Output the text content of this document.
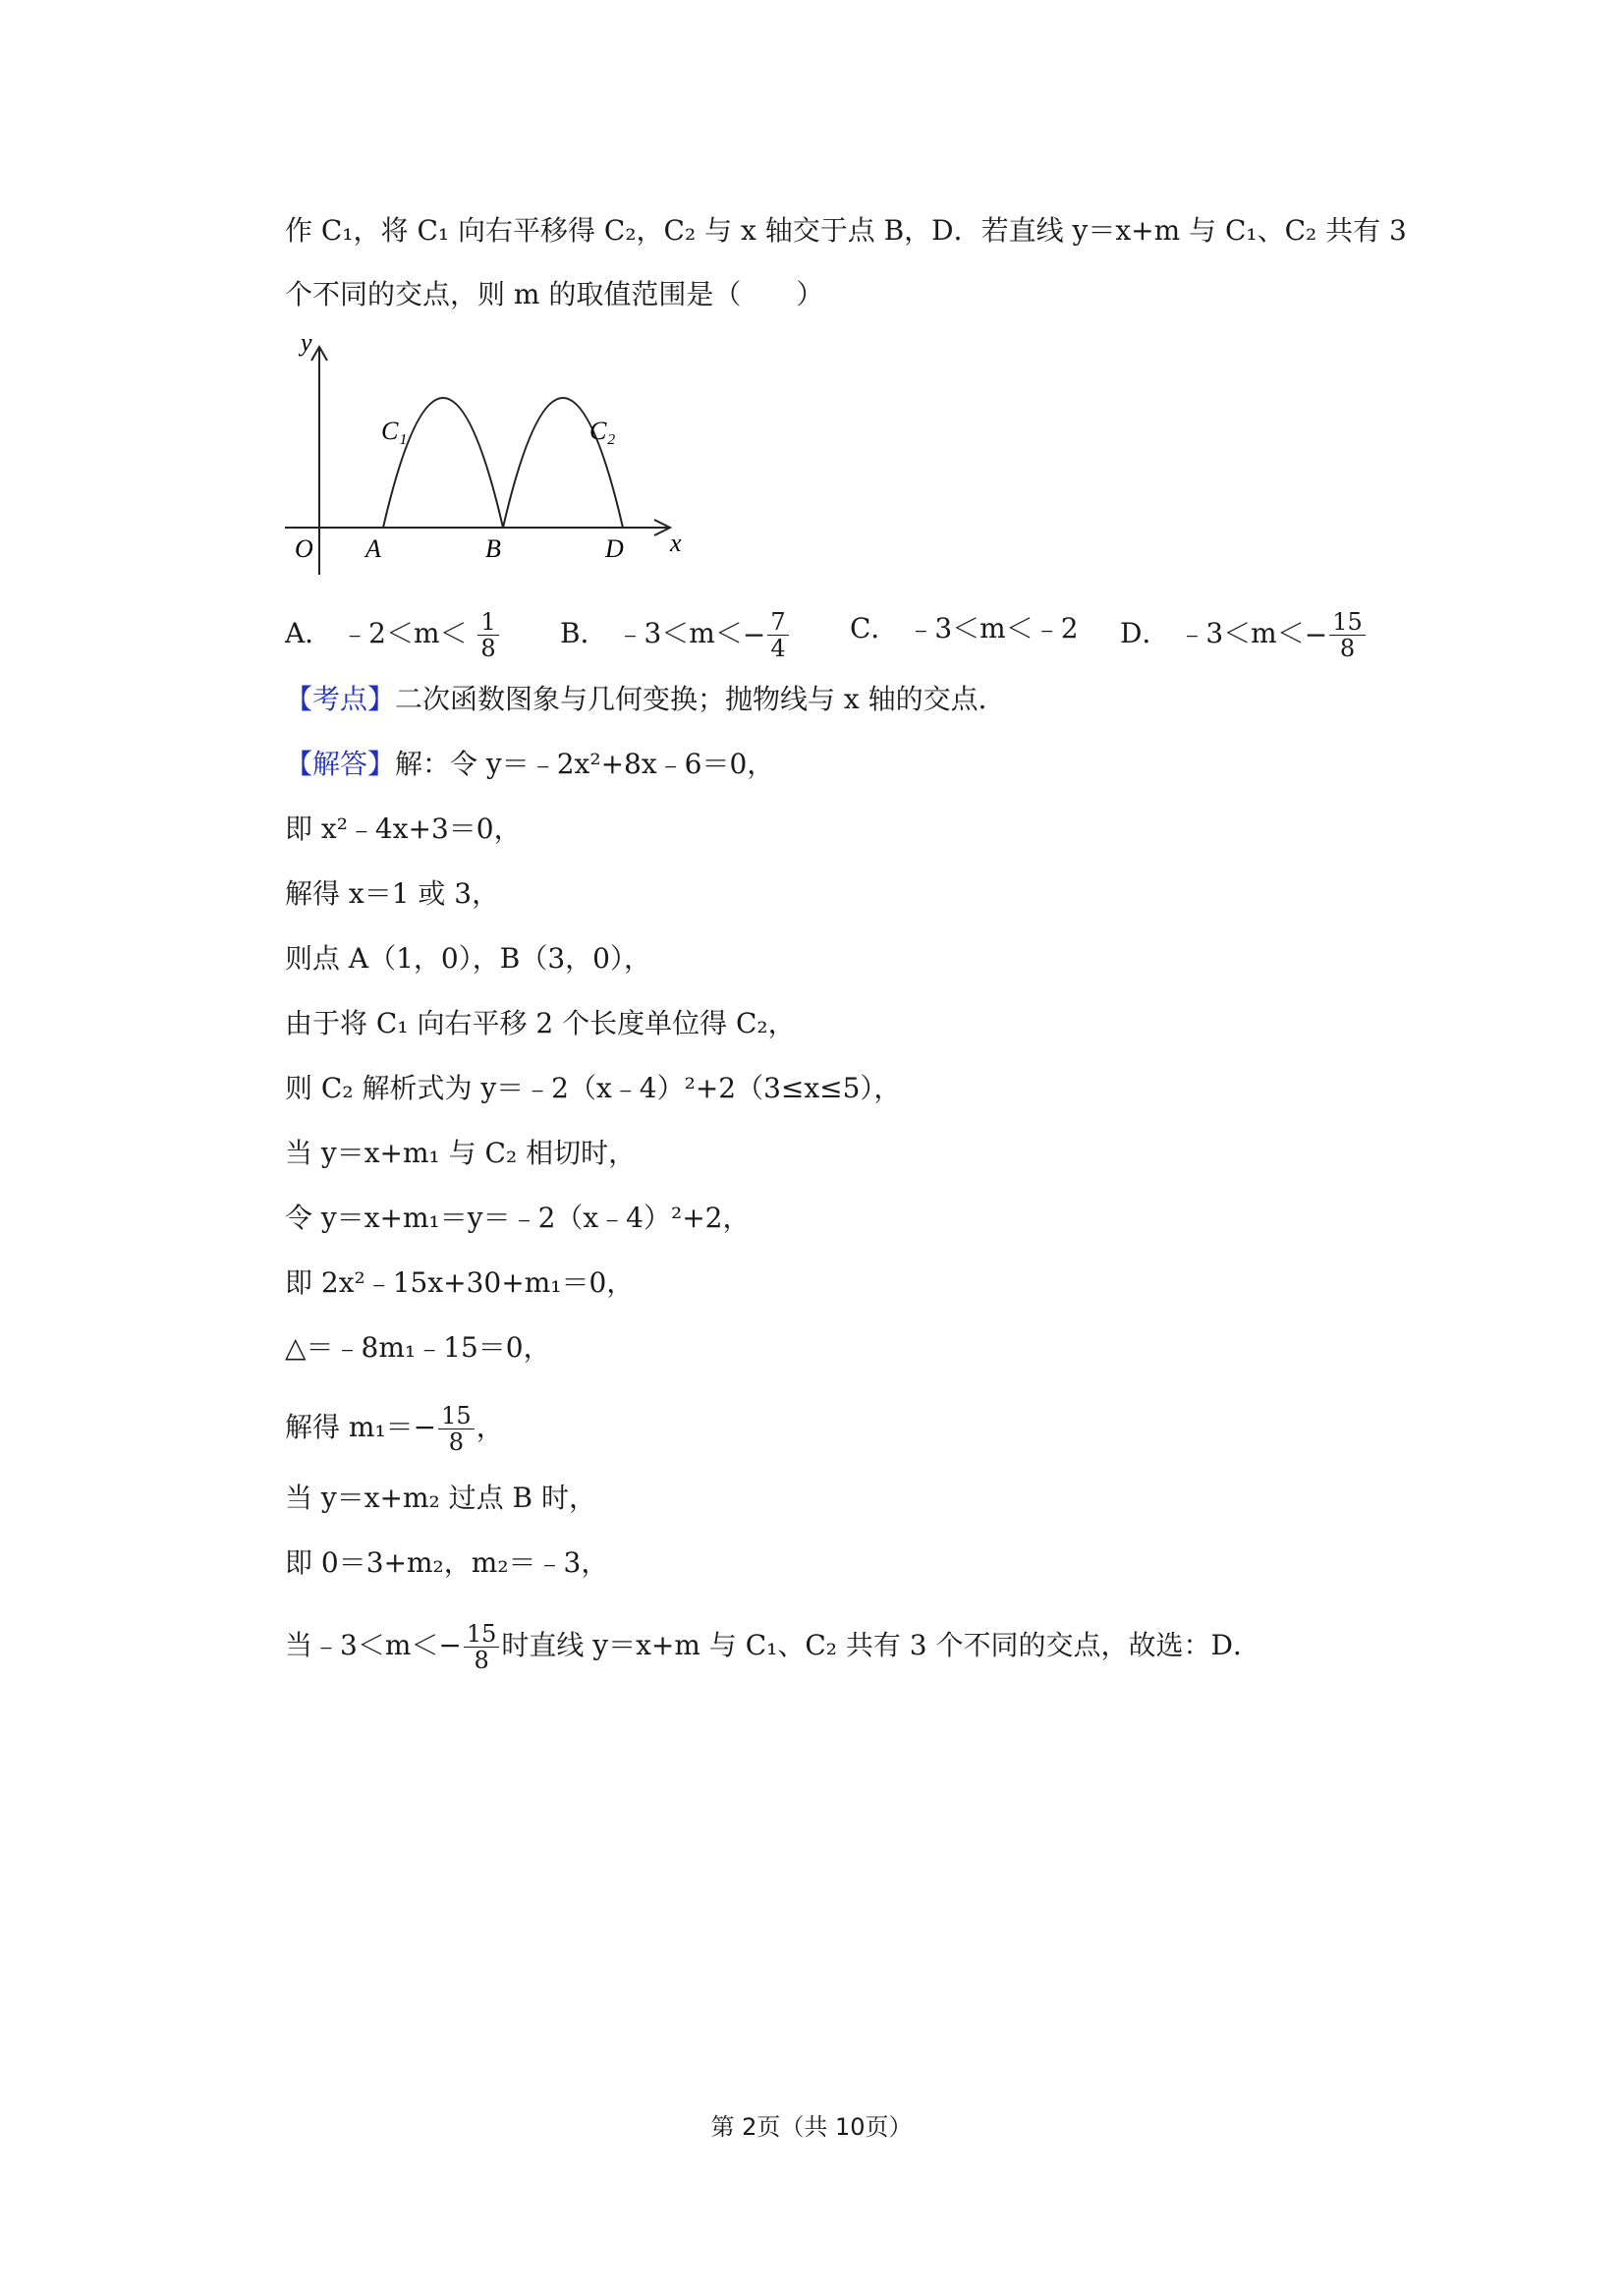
作 C₁，将 C₁ 向右平移得 C₂，C₂ 与 x 轴交于点 B，D．若直线 y＝x+m 与 C₁、C₂ 共有 3
个不同的交点，则 m 的取值范围是（　　）
y
x
O A	B	D
C₁	C₂
A． ﹣2＜m＜ $\frac{1}{8}$ B． ﹣3＜m＜− $\frac{7}{4}$ C． ﹣3＜m＜﹣2 D． ﹣3＜m＜− $\frac{15}{8}$
【考点】二次函数图象与几何变换；抛物线与 x 轴的交点．
【解答】解：令 y＝﹣2x²+8x﹣6＝0，
即 x²﹣4x+3＝0，
解得 x＝1 或 3，
则点 A（1，0），B（3，0），
由于将 C₁ 向右平移 2 个长度单位得 C₂，
则 C₂ 解析式为 y＝﹣2（x﹣4）²+2（3≤x≤5），
当 y＝x+m₁ 与 C₂ 相切时，
令 y＝x+m₁＝y＝﹣2（x﹣4）²+2，
即 2x²﹣15x+30+m₁＝0，
△＝﹣8m₁﹣15＝0，
解得 $m_1=- \frac{15}{8}$ ，
当 y＝x+m₂ 过点 B 时，
即 0＝3+m₂，m₂＝﹣3，
当﹣3＜m＜− $\frac{15}{8}$ 时直线 y＝x+m 与 C₁、C₂ 共有 3 个不同的交点，故选：D．
第 2页（共 10页）
